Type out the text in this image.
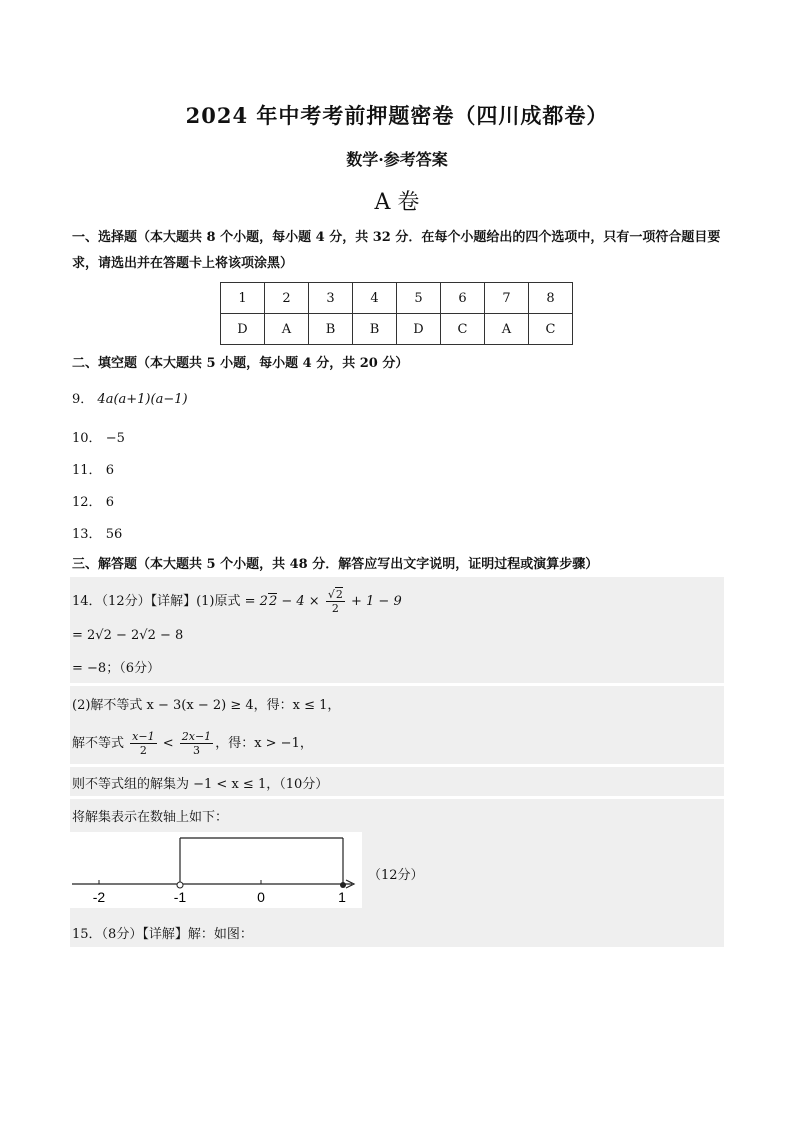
2024 年中考考前押题密卷（四川成都卷）
数学·参考答案
A 卷
一、选择题（本大题共 8 个小题，每小题 4 分，共 32 分．在每个小题给出的四个选项中，只有一项符合题目要求，请选出并在答题卡上将该项涂黑）
1	2	3	4	5	6	7	8
D	A	B	B	D	C	A	C
二、填空题（本大题共 5 小题，每小题 4 分，共 20 分）
9． 4a(a+1)(a−1)
10． −5
11． 6
12． 6
13． 56
三、解答题（本大题共 5 个小题，共 48 分．解答应写出文字说明，证明过程或演算步骤）
14．（12分）【详解】(1)原式 = $22 - 4 \times \frac{√2}{2} + 1 - 9$
= 2√2 − 2√2 − 8
= −8；（6分）
(2)解不等式 x − 3(x − 2) ≥ 4，得：x ≤ 1，
解不等式 $\frac{x-1}{2} < \frac{2x-1}{3}$ ，得：x > −1，
则不等式组的解集为 −1 < x ≤ 1，（10分）
将解集表示在数轴上如下：
-2	-1	0	1
（12分）
15．（8分）【详解】解：如图：
